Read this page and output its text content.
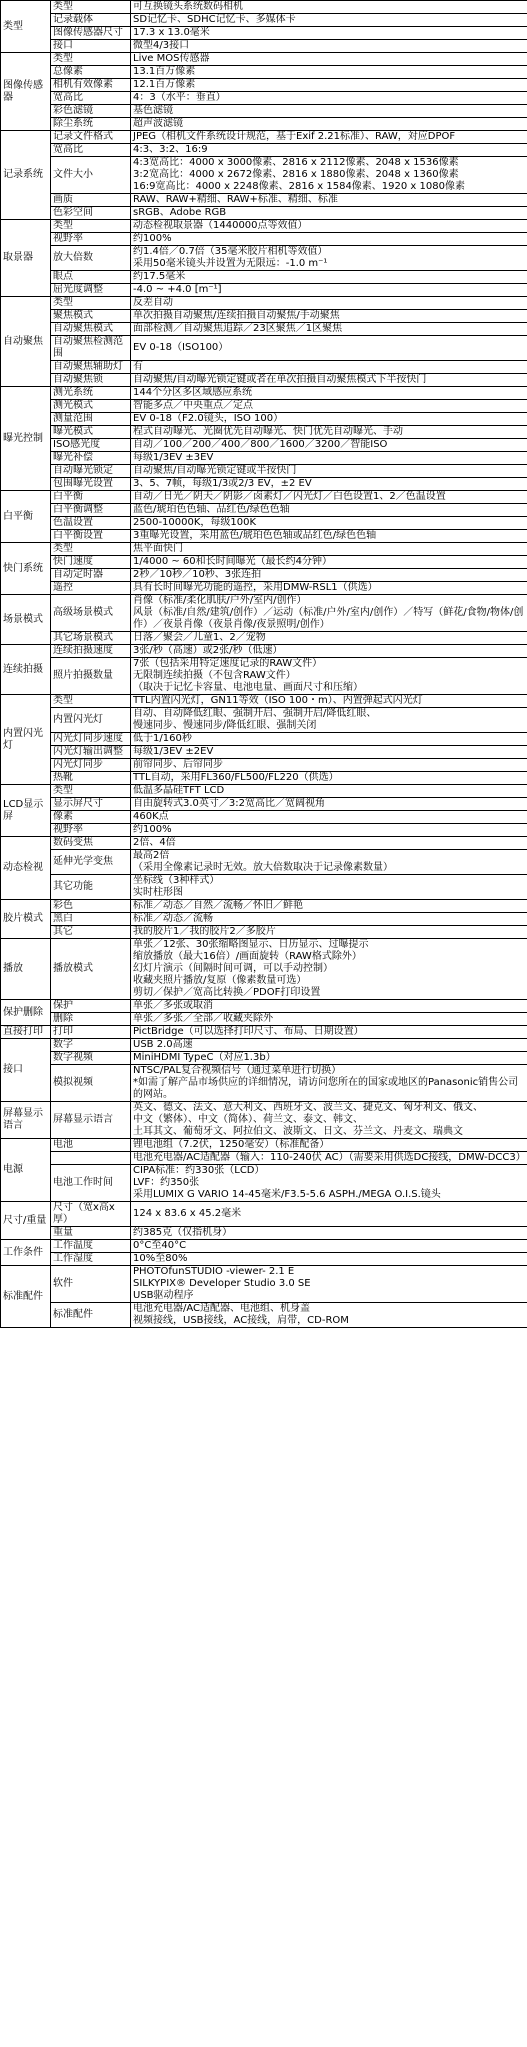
类型	类型	可互换镜头系统数码相机
	记录载体	SD记忆卡、SDHC记忆卡、多媒体卡
	图像传感器尺寸	17.3 x 13.0毫米
	接口	微型4/3接口
图像传感器	类型	Live MOS传感器
	总像素	13.1百万像素
	相机有效像素	12.1百万像素
	宽高比	4：3（水平：垂直）
	彩色滤镜	基色滤镜
	除尘系统	超声波滤镜
记录系统	记录文件格式	JPEG（相机文件系统设计规范，基于Exif 2.21标准）、RAW，対应DPOF
	宽高比	4:3、3:2、16:9
	文件大小	4:3宽高比：4000 x 3000像素、2816 x 2112像素、2048 x 1536像素
3:2宽高比：4000 x 2672像素、2816 x 1880像素、2048 x 1360像素
16:9宽高比：4000 x 2248像素、2816 x 1584像素、1920 x 1080像素

	画质	RAW、RAW+精细、RAW+标准、精细、标准
	色彩空间	sRGB、Adobe RGB
取景器	类型	动态检视取景器（1440000点等效值）
	视野率	约100%
	放大倍数	约1.4倍／0.7倍（35毫米胶片相机等效值）
采用50毫米镜头并设置为无限远：-1.0 m⁻¹

	眼点	约17.5毫米
	屈光度调整	-4.0 ~ +4.0 [m⁻¹]
自动聚焦	类型	反差自动
	聚焦模式	单次拍摄自动聚焦/连续拍摄自动聚焦/手动聚焦
	自动聚焦模式	面部检测／自动聚焦追踪／23区聚焦／1区聚焦
	自动聚焦检测范围	EV 0-18（ISO100）
	自动聚焦辅助灯	有
	自动聚焦锁	自动聚焦/自动曝光锁定键或者在单次拍摄自动聚焦模式下半按快门
曝光控制	测光系统	144个分区多区域感应系统
	测光模式	智能多点／中央重点／定点
	测量范围	EV 0-18（F2.0镜头，ISO 100）
	曝光模式	程式自动曝光、光圈优先自动曝光、快门优先自动曝光、手动
	ISO感光度	自动／100／200／400／800／1600／3200／智能ISO
	曝光补偿	每级1/3EV ±3EV
	自动曝光锁定	自动聚焦/自动曝光锁定键或半按快门
	包围曝光设置	3、5、7帧，每级1/3或2/3 EV，±2 EV
白平衡	白平衡	自动／日光／阴天／阴影／卤素灯／闪光灯／白色设置1、2／色温设置
	白平衡调整	蓝色/琥珀色色轴、品红色/绿色色轴
	色温设置	2500-10000K，每级100K
	白平衡设置	3重曝光设置，采用蓝色/琥珀色色轴或品红色/绿色色轴
快门系统	类型	焦平面快门
	快门速度	1/4000 ~ 60和长时间曝光（最长约4分钟）
	自动定时器	2秒／10秒／10秒、3张连拍
	遥控	具有长时间曝光功能的遥控，采用DMW-RSL1（供选）
场景模式	高级场景模式	肖像（标准/柔化肌肤/户外/室内/创作）
风景（标准/自然/建筑/创作）／运动（标准/户外/室内/创作）／特写（鲜花/食物/物体/创作）／夜景肖像（夜景肖像/夜景照明/创作）

	其它场景模式	日落／聚会／儿童1、2／宠物
连续拍摄	连续拍摄速度	3张/秒（高速）或2张/秒（低速）
	照片拍摄数量	7张（包括采用特定速度记录的RAW文件）
无限制连续拍摄（不包含RAW文件）
（取决于记忆卡容量、电池电量、画面尺寸和压缩）

内置闪光灯	类型	TTL内置闪光灯，GN11等效（ISO 100・m）、内置弹起式闪光灯
	内置闪光灯	自动、自动降低红眼、强制开启、强制开启/降低红眼、
慢速同步、慢速同步/降低红眼、强制关闭

	闪光灯同步速度	低于1/160秒
	闪光灯输出调整	每级1/3EV ±2EV
	闪光灯同步	前帘同步、后帘同步
	热靴	TTL自动，采用FL360/FL500/FL220（供选）
LCD显示屏	类型	低温多晶硅TFT LCD
	显示屏尺寸	自由旋转式3.0英寸／3:2宽高比／宽阔视角
	像素	460K点
	视野率	约100%
动态检视	数码变焦	2倍、4倍
	延伸光学变焦	最高2倍
（采用全像素记录时无效。放大倍数取决于记录像素数量）

	其它功能	坐标线（3种样式）
实时柱形图

胶片模式	彩色	标准／动态／自然／流畅／怀旧／鲜艳
	黑白	标准／动态／流畅
	其它	我的胶片1／我的胶片2／多胶片
播放	播放模式	单张／12张、30张缩略图显示、日历显示、过曝提示
缩放播放（最大16倍）/画面旋转（RAW格式除外）
幻灯片演示（间隔时间可调，可以手动控制）
收藏夹照片播放/复原（像素数量可选）
剪切／保护／宽高比转换／PDOF打印设置

保护删除	保护	单张／多张或取消
	删除	单张／多张／全部／收藏夹除外
直接打印	打印	PictBridge（可以选择打印尺寸、布局、日期设置）
接口	数字	USB 2.0高速
	数字视频	MiniHDMI TypeC（对应1.3b）
	模拟视频	NTSC/PAL复合视频信号（通过菜单进行切换）
*如需了解产品市场供应的详细情况，请访问您所在的国家或地区的Panasonic销售公司的网站。

屏幕显示语言	屏幕显示语言	英文、德文、法文、意大利文、西班牙文、波兰文、捷克文、匈牙利文、俄文、
中文（繁体）、中文（简体）、荷兰文、泰文、韩文、
土耳其文、葡萄牙文、阿拉伯文、波斯文、日文、芬兰文、丹麦文、瑞典文

电源	电池	锂电池组（7.2伏，1250毫安）（标准配备）
		电池充电器/AC适配器（输入：110-240伏 AC）（需要采用供选DC接线，DMW-DCC3）
	电池工作时间	CIPA标准：约330张（LCD）
LVF：约350张
采用LUMIX G VARIO 14-45毫米/F3.5-5.6 ASPH./MEGA O.I.S.镜头

尺寸/重量	尺寸（宽x高x厚）	124 x 83.6 x 45.2毫米
	重量	约385克（仅指机身）
工作条件	工作温度	0°C至40°C
	工作湿度	10%至80%
标准配件	软件	PHOTOfunSTUDIO -viewer- 2.1 E
SILKYPIX® Developer Studio 3.0 SE
USB驱动程序

	标准配件	电池充电器/AC适配器、电池组、机身盖
视频接线，USB接线，AC接线，肩带，CD-ROM
